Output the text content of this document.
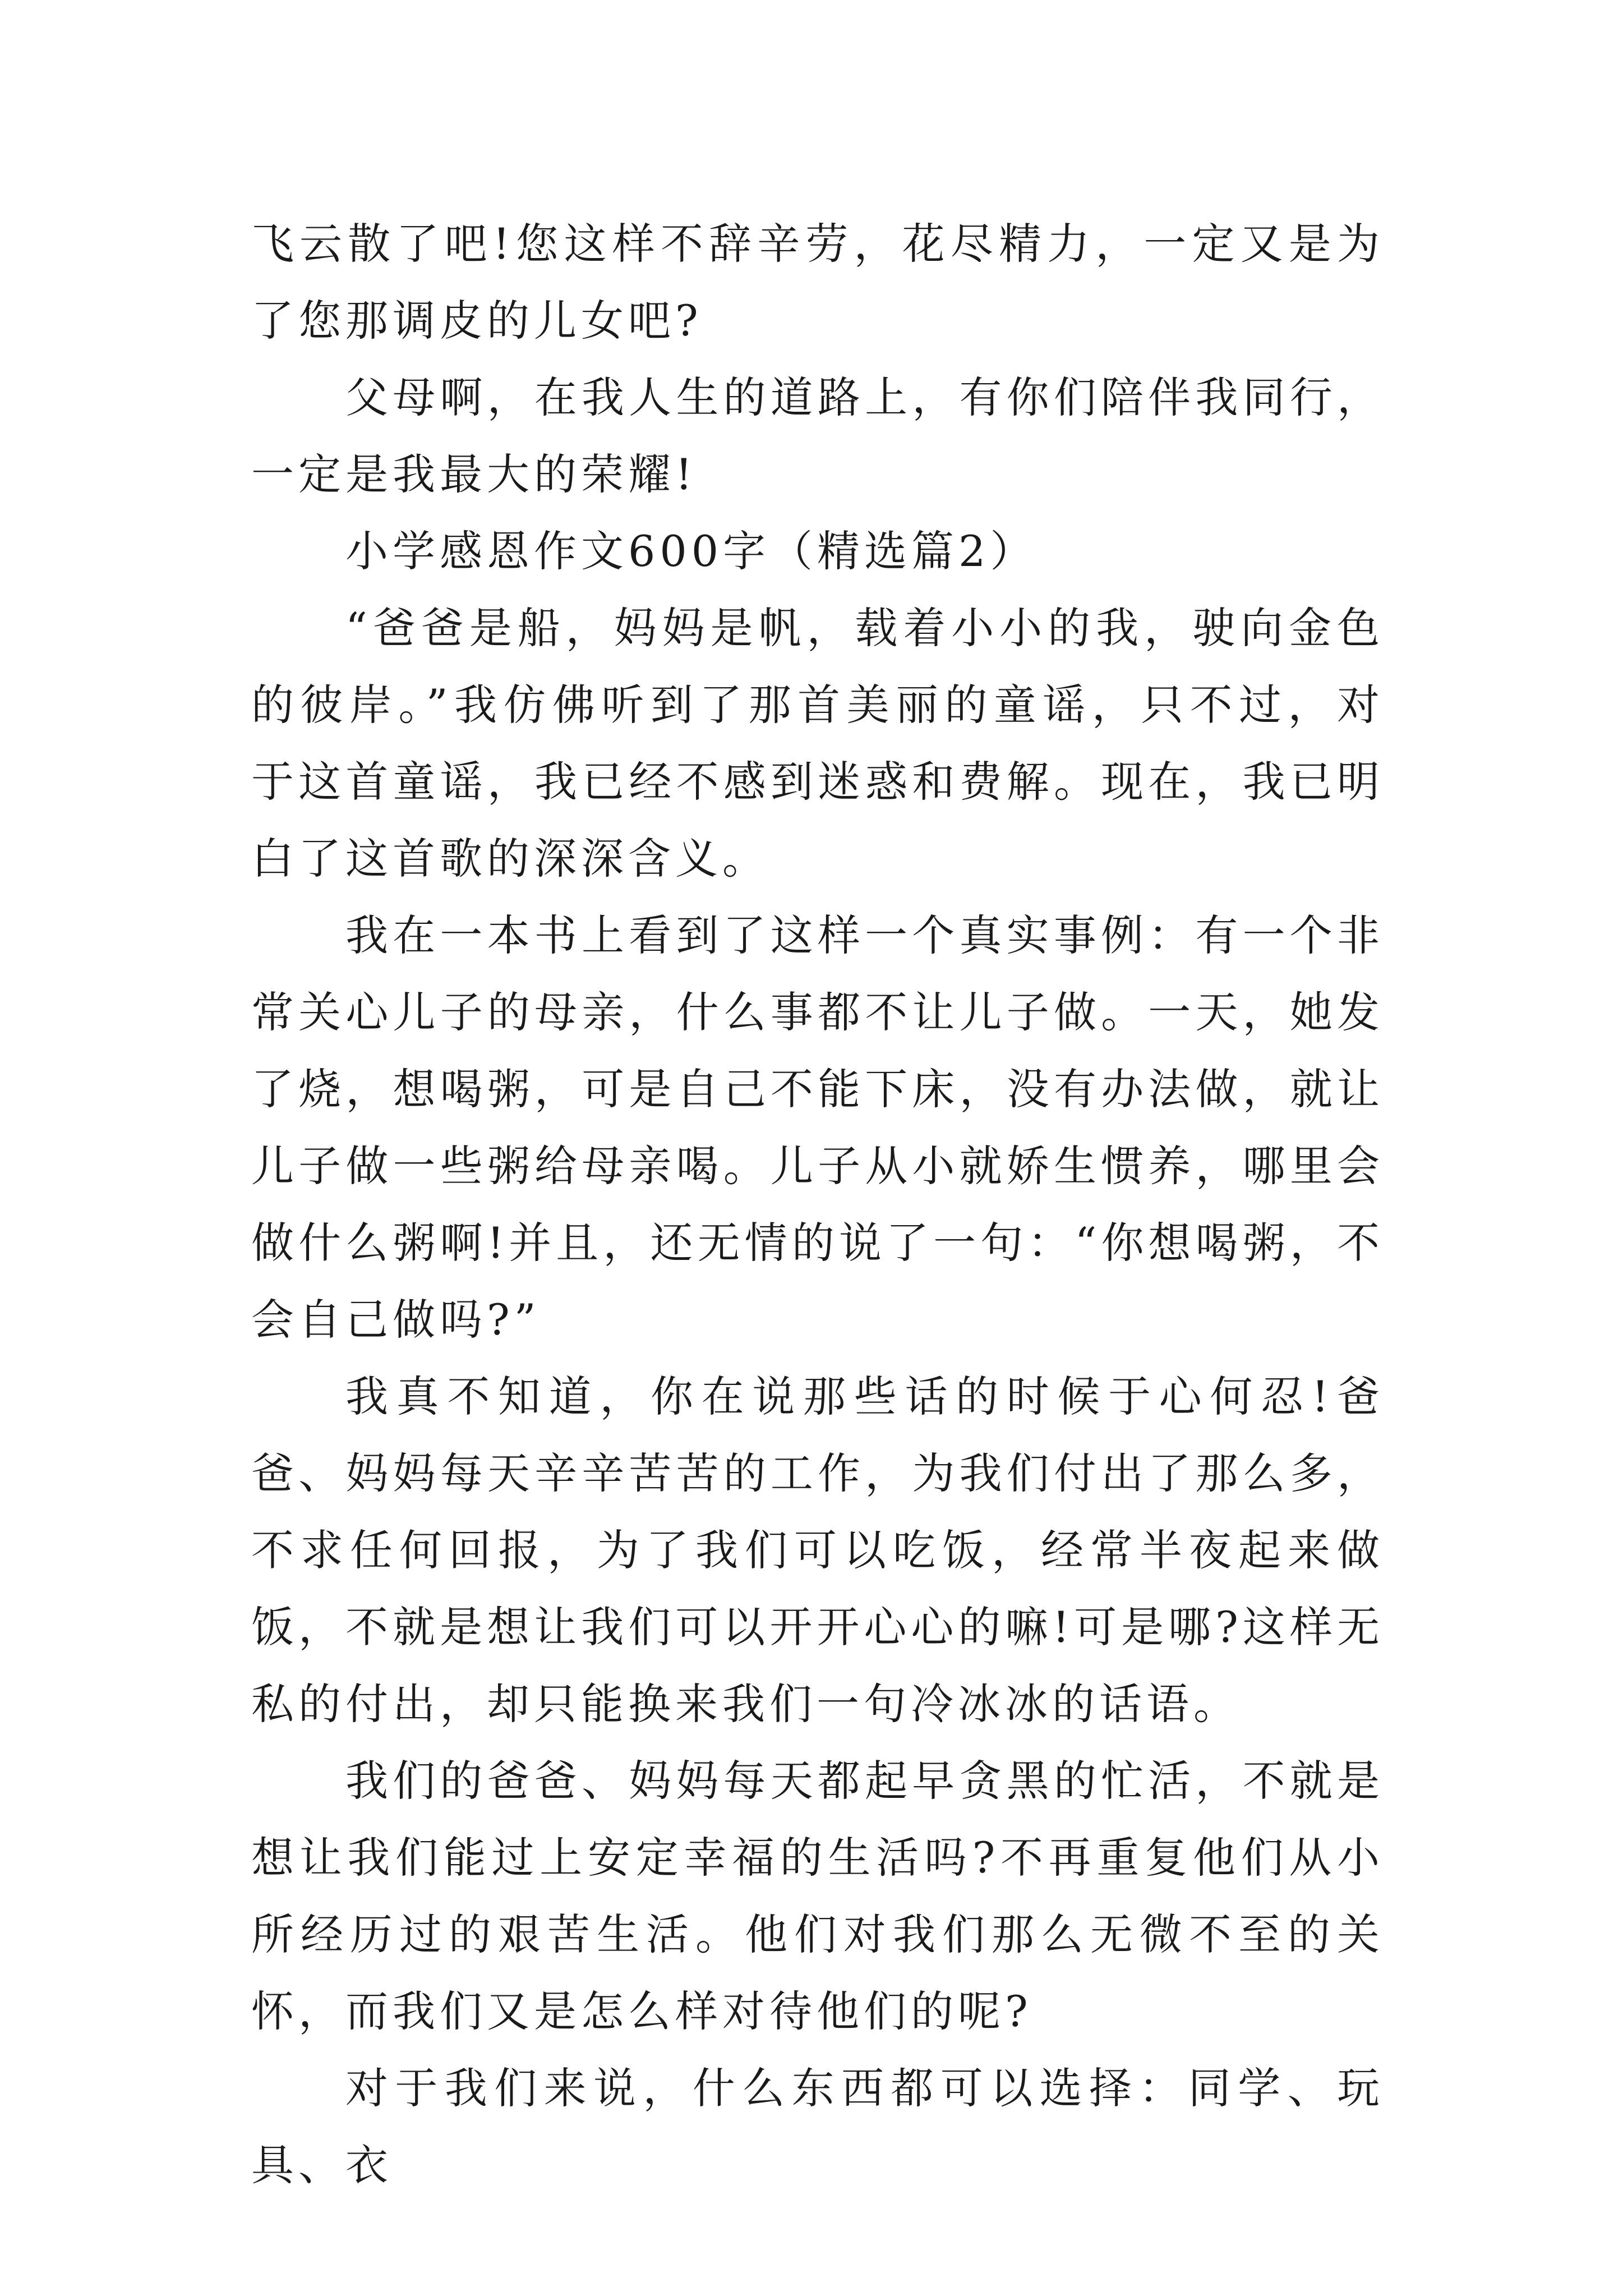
飞云散了吧!您这样不辞辛劳，花尽精力，一定又是为了您那调皮的儿女吧?

父母啊，在我人生的道路上，有你们陪伴我同行，一定是我最大的荣耀!

小学感恩作文600字（精选篇2）

“爸爸是船，妈妈是帆，载着小小的我，驶向金色的彼岸。”我仿佛听到了那首美丽的童谣，只不过，对于这首童谣，我已经不感到迷惑和费解。现在，我已明白了这首歌的深深含义。

我在一本书上看到了这样一个真实事例：有一个非常关心儿子的母亲，什么事都不让儿子做。一天，她发了烧，想喝粥，可是自己不能下床，没有办法做，就让儿子做一些粥给母亲喝。儿子从小就娇生惯养，哪里会做什么粥啊!并且，还无情的说了一句：“你想喝粥，不会自己做吗?”

我真不知道，你在说那些话的时候于心何忍!爸爸、妈妈每天辛辛苦苦的工作，为我们付出了那么多，不求任何回报，为了我们可以吃饭，经常半夜起来做饭，不就是想让我们可以开开心心的嘛!可是哪?这样无私的付出，却只能换来我们一句冷冰冰的话语。

我们的爸爸、妈妈每天都起早贪黑的忙活，不就是想让我们能过上安定幸福的生活吗?不再重复他们从小所经历过的艰苦生活。他们对我们那么无微不至的关怀，而我们又是怎么样对待他们的呢?

对于我们来说，什么东西都可以选择：同学、玩具、衣
